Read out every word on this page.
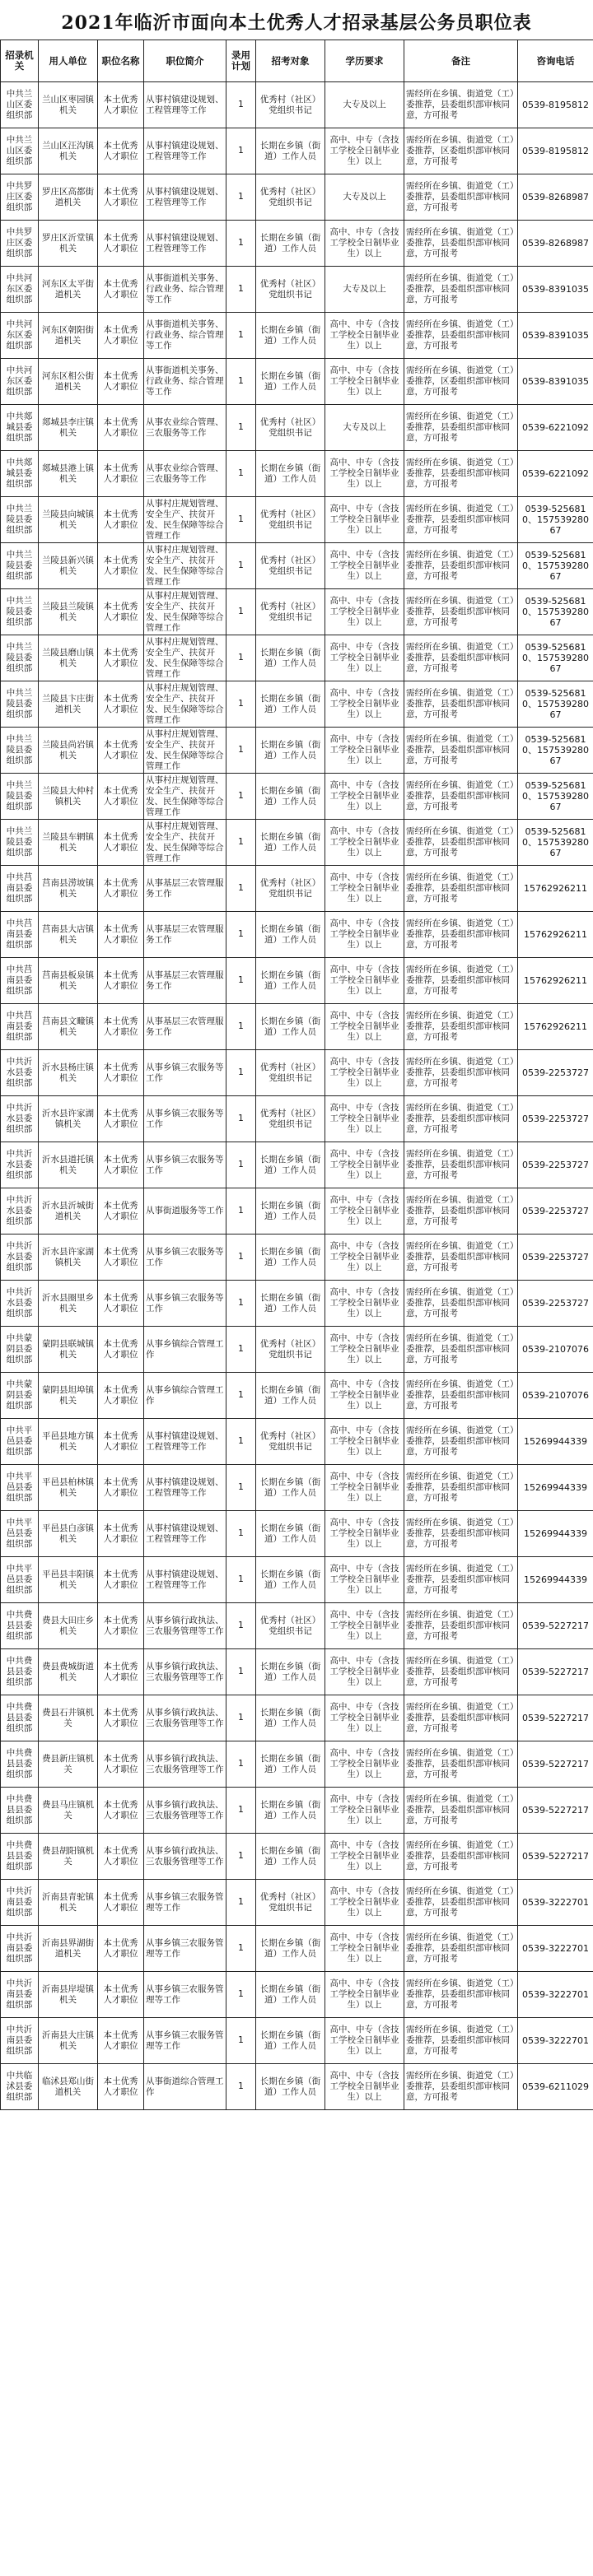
2021年临沂市面向本土优秀人才招录基层公务员职位表
招录机关	用人单位	职位名称	职位简介	录用计划	招考对象	学历要求	备注	咨询电话
中共兰山区委组织部	兰山区枣园镇机关	本土优秀人才职位	从事村镇建设规划、工程管理等工作	1	优秀村（社区）党组织书记	大专及以上	需经所在乡镇、街道党（工）委推荐，县委组织部审核同意，方可报考	0539-8195812
中共兰山区委组织部	兰山区汪沟镇机关	本土优秀人才职位	从事村镇建设规划、工程管理等工作	1	长期在乡镇（街道）工作人员	高中、中专（含技工学校全日制毕业生）以上	需经所在乡镇、街道党（工）委推荐，区委组织部审核同意，方可报考	0539-8195812
中共罗庄区委组织部	罗庄区高都街道机关	本土优秀人才职位	从事村镇建设规划、工程管理等工作	1	优秀村（社区）党组织书记	大专及以上	需经所在乡镇、街道党（工）委推荐，县委组织部审核同意，方可报考	0539-8268987
中共罗庄区委组织部	罗庄区沂堂镇机关	本土优秀人才职位	从事村镇建设规划、工程管理等工作	1	长期在乡镇（街道）工作人员	高中、中专（含技工学校全日制毕业生）以上	需经所在乡镇、街道党（工）委推荐，县委组织部审核同意，方可报考	0539-8268987
中共河东区委组织部	河东区太平街道机关	本土优秀人才职位	从事街道机关事务、行政业务、综合管理等工作	1	优秀村（社区）党组织书记	大专及以上	需经所在乡镇、街道党（工）委推荐，县委组织部审核同意，方可报考	0539-8391035
中共河东区委组织部	河东区朝阳街道机关	本土优秀人才职位	从事街道机关事务、行政业务、综合管理等工作	1	长期在乡镇（街道）工作人员	高中、中专（含技工学校全日制毕业生）以上	需经所在乡镇、街道党（工）委推荐，县委组织部审核同意，方可报考	0539-8391035
中共河东区委组织部	河东区相公街道机关	本土优秀人才职位	从事街道机关事务、行政业务、综合管理等工作	1	长期在乡镇（街道）工作人员	高中、中专（含技工学校全日制毕业生）以上	需经所在乡镇、街道党（工）委推荐，区委组织部审核同意，方可报考	0539-8391035
中共郯城县委组织部	郯城县李庄镇机关	本土优秀人才职位	从事农业综合管理、三农服务等工作	1	优秀村（社区）党组织书记	大专及以上	需经所在乡镇、街道党（工）委推荐，县委组织部审核同意，方可报考	0539-6221092
中共郯城县委组织部	郯城县港上镇机关	本土优秀人才职位	从事农业综合管理、三农服务等工作	1	长期在乡镇（街道）工作人员	高中、中专（含技工学校全日制毕业生）以上	需经所在乡镇、街道党（工）委推荐，县委组织部审核同意，方可报考	0539-6221092
中共兰陵县委组织部	兰陵县向城镇机关	本土优秀人才职位	从事村庄规划管理、安全生产、扶贫开发、民生保障等综合管理工作	1	优秀村（社区）党组织书记	高中、中专（含技工学校全日制毕业生）以上	需经所在乡镇、街道党（工）委推荐，县委组织部审核同意，方可报考	0539-5256810、15753928067
中共兰陵县委组织部	兰陵县新兴镇机关	本土优秀人才职位	从事村庄规划管理、安全生产、扶贫开发、民生保障等综合管理工作	1	优秀村（社区）党组织书记	高中、中专（含技工学校全日制毕业生）以上	需经所在乡镇、街道党（工）委推荐，县委组织部审核同意，方可报考	0539-5256810、15753928067
中共兰陵县委组织部	兰陵县兰陵镇机关	本土优秀人才职位	从事村庄规划管理、安全生产、扶贫开发、民生保障等综合管理工作	1	优秀村（社区）党组织书记	高中、中专（含技工学校全日制毕业生）以上	需经所在乡镇、街道党（工）委推荐，县委组织部审核同意，方可报考	0539-5256810、15753928067
中共兰陵县委组织部	兰陵县磨山镇机关	本土优秀人才职位	从事村庄规划管理、安全生产、扶贫开发、民生保障等综合管理工作	1	长期在乡镇（街道）工作人员	高中、中专（含技工学校全日制毕业生）以上	需经所在乡镇、街道党（工）委推荐，县委组织部审核同意，方可报考	0539-5256810、15753928067
中共兰陵县委组织部	兰陵县卞庄街道机关	本土优秀人才职位	从事村庄规划管理、安全生产、扶贫开发、民生保障等综合管理工作	1	长期在乡镇（街道）工作人员	高中、中专（含技工学校全日制毕业生）以上	需经所在乡镇、街道党（工）委推荐，县委组织部审核同意，方可报考	0539-5256810、15753928067
中共兰陵县委组织部	兰陵县尚岩镇机关	本土优秀人才职位	从事村庄规划管理、安全生产、扶贫开发、民生保障等综合管理工作	1	长期在乡镇（街道）工作人员	高中、中专（含技工学校全日制毕业生）以上	需经所在乡镇、街道党（工）委推荐，县委组织部审核同意，方可报考	0539-5256810、15753928067
中共兰陵县委组织部	兰陵县大仲村镇机关	本土优秀人才职位	从事村庄规划管理、安全生产、扶贫开发、民生保障等综合管理工作	1	长期在乡镇（街道）工作人员	高中、中专（含技工学校全日制毕业生）以上	需经所在乡镇、街道党（工）委推荐，县委组织部审核同意，方可报考	0539-5256810、15753928067
中共兰陵县委组织部	兰陵县车辋镇机关	本土优秀人才职位	从事村庄规划管理、安全生产、扶贫开发、民生保障等综合管理工作	1	长期在乡镇（街道）工作人员	高中、中专（含技工学校全日制毕业生）以上	需经所在乡镇、街道党（工）委推荐，县委组织部审核同意，方可报考	0539-5256810、15753928067
中共莒南县委组织部	莒南县涝坡镇机关	本土优秀人才职位	从事基层三农管理服务工作	1	优秀村（社区）党组织书记	高中、中专（含技工学校全日制毕业生）以上	需经所在乡镇、街道党（工）委推荐，县委组织部审核同意，方可报考	15762926211
中共莒南县委组织部	莒南县大店镇机关	本土优秀人才职位	从事基层三农管理服务工作	1	长期在乡镇（街道）工作人员	高中、中专（含技工学校全日制毕业生）以上	需经所在乡镇、街道党（工）委推荐，县委组织部审核同意，方可报考	15762926211
中共莒南县委组织部	莒南县板泉镇机关	本土优秀人才职位	从事基层三农管理服务工作	1	长期在乡镇（街道）工作人员	高中、中专（含技工学校全日制毕业生）以上	需经所在乡镇、街道党（工）委推荐，县委组织部审核同意，方可报考	15762926211
中共莒南县委组织部	莒南县文疃镇机关	本土优秀人才职位	从事基层三农管理服务工作	1	长期在乡镇（街道）工作人员	高中、中专（含技工学校全日制毕业生）以上	需经所在乡镇、街道党（工）委推荐，县委组织部审核同意，方可报考	15762926211
中共沂水县委组织部	沂水县杨庄镇机关	本土优秀人才职位	从事乡镇三农服务等工作	1	优秀村（社区）党组织书记	高中、中专（含技工学校全日制毕业生）以上	需经所在乡镇、街道党（工）委推荐，县委组织部审核同意，方可报考	0539-2253727
中共沂水县委组织部	沂水县许家湖镇机关	本土优秀人才职位	从事乡镇三农服务等工作	1	优秀村（社区）党组织书记	高中、中专（含技工学校全日制毕业生）以上	需经所在乡镇、街道党（工）委推荐，县委组织部审核同意，方可报考	0539-2253727
中共沂水县委组织部	沂水县道托镇机关	本土优秀人才职位	从事乡镇三农服务等工作	1	长期在乡镇（街道）工作人员	高中、中专（含技工学校全日制毕业生）以上	需经所在乡镇、街道党（工）委推荐，县委组织部审核同意，方可报考	0539-2253727
中共沂水县委组织部	沂水县沂城街道机关	本土优秀人才职位	从事街道服务等工作	1	长期在乡镇（街道）工作人员	高中、中专（含技工学校全日制毕业生）以上	需经所在乡镇、街道党（工）委推荐，县委组织部审核同意，方可报考	0539-2253727
中共沂水县委组织部	沂水县许家湖镇机关	本土优秀人才职位	从事乡镇三农服务等工作	1	长期在乡镇（街道）工作人员	高中、中专（含技工学校全日制毕业生）以上	需经所在乡镇、街道党（工）委推荐，县委组织部审核同意，方可报考	0539-2253727
中共沂水县委组织部	沂水县圈里乡机关	本土优秀人才职位	从事乡镇三农服务等工作	1	长期在乡镇（街道）工作人员	高中、中专（含技工学校全日制毕业生）以上	需经所在乡镇、街道党（工）委推荐，县委组织部审核同意，方可报考	0539-2253727
中共蒙阴县委组织部	蒙阴县联城镇机关	本土优秀人才职位	从事乡镇综合管理工作	1	优秀村（社区）党组织书记	高中、中专（含技工学校全日制毕业生）以上	需经所在乡镇、街道党（工）委推荐，县委组织部审核同意，方可报考	0539-2107076
中共蒙阴县委组织部	蒙阴县坦埠镇机关	本土优秀人才职位	从事乡镇综合管理工作	1	长期在乡镇（街道）工作人员	高中、中专（含技工学校全日制毕业生）以上	需经所在乡镇、街道党（工）委推荐，县委组织部审核同意，方可报考	0539-2107076
中共平邑县委组织部	平邑县地方镇机关	本土优秀人才职位	从事村镇建设规划、工程管理等工作	1	优秀村（社区）党组织书记	高中、中专（含技工学校全日制毕业生）以上	需经所在乡镇、街道党（工）委推荐，县委组织部审核同意，方可报考	15269944339
中共平邑县委组织部	平邑县柏林镇机关	本土优秀人才职位	从事村镇建设规划、工程管理等工作	1	长期在乡镇（街道）工作人员	高中、中专（含技工学校全日制毕业生）以上	需经所在乡镇、街道党（工）委推荐，县委组织部审核同意，方可报考	15269944339
中共平邑县委组织部	平邑县白彦镇机关	本土优秀人才职位	从事村镇建设规划、工程管理等工作	1	长期在乡镇（街道）工作人员	高中、中专（含技工学校全日制毕业生）以上	需经所在乡镇、街道党（工）委推荐，县委组织部审核同意，方可报考	15269944339
中共平邑县委组织部	平邑县丰阳镇机关	本土优秀人才职位	从事村镇建设规划、工程管理等工作	1	长期在乡镇（街道）工作人员	高中、中专（含技工学校全日制毕业生）以上	需经所在乡镇、街道党（工）委推荐，县委组织部审核同意，方可报考	15269944339
中共费县县委组织部	费县大田庄乡机关	本土优秀人才职位	从事乡镇行政执法、三农服务管理等工作	1	优秀村（社区）党组织书记	高中、中专（含技工学校全日制毕业生）以上	需经所在乡镇、街道党（工）委推荐，县委组织部审核同意，方可报考	0539-5227217
中共费县县委组织部	费县费城街道机关	本土优秀人才职位	从事乡镇行政执法、三农服务管理等工作	1	长期在乡镇（街道）工作人员	高中、中专（含技工学校全日制毕业生）以上	需经所在乡镇、街道党（工）委推荐，县委组织部审核同意，方可报考	0539-5227217
中共费县县委组织部	费县石井镇机关	本土优秀人才职位	从事乡镇行政执法、三农服务管理等工作	1	长期在乡镇（街道）工作人员	高中、中专（含技工学校全日制毕业生）以上	需经所在乡镇、街道党（工）委推荐，县委组织部审核同意，方可报考	0539-5227217
中共费县县委组织部	费县新庄镇机关	本土优秀人才职位	从事乡镇行政执法、三农服务管理等工作	1	长期在乡镇（街道）工作人员	高中、中专（含技工学校全日制毕业生）以上	需经所在乡镇、街道党（工）委推荐，县委组织部审核同意，方可报考	0539-5227217
中共费县县委组织部	费县马庄镇机关	本土优秀人才职位	从事乡镇行政执法、三农服务管理等工作	1	长期在乡镇（街道）工作人员	高中、中专（含技工学校全日制毕业生）以上	需经所在乡镇、街道党（工）委推荐，县委组织部审核同意，方可报考	0539-5227217
中共费县县委组织部	费县胡阳镇机关	本土优秀人才职位	从事乡镇行政执法、三农服务管理等工作	1	长期在乡镇（街道）工作人员	高中、中专（含技工学校全日制毕业生）以上	需经所在乡镇、街道党（工）委推荐，县委组织部审核同意，方可报考	0539-5227217
中共沂南县委组织部	沂南县青驼镇机关	本土优秀人才职位	从事乡镇三农服务管理等工作	1	优秀村（社区）党组织书记	高中、中专（含技工学校全日制毕业生）以上	需经所在乡镇、街道党（工）委推荐，县委组织部审核同意，方可报考	0539-3222701
中共沂南县委组织部	沂南县界湖街道机关	本土优秀人才职位	从事乡镇三农服务管理等工作	1	长期在乡镇（街道）工作人员	高中、中专（含技工学校全日制毕业生）以上	需经所在乡镇、街道党（工）委推荐，县委组织部审核同意，方可报考	0539-3222701
中共沂南县委组织部	沂南县岸堤镇机关	本土优秀人才职位	从事乡镇三农服务管理等工作	1	长期在乡镇（街道）工作人员	高中、中专（含技工学校全日制毕业生）以上	需经所在乡镇、街道党（工）委推荐，县委组织部审核同意，方可报考	0539-3222701
中共沂南县委组织部	沂南县大庄镇机关	本土优秀人才职位	从事乡镇三农服务管理等工作	1	长期在乡镇（街道）工作人员	高中、中专（含技工学校全日制毕业生）以上	需经所在乡镇、街道党（工）委推荐，县委组织部审核同意，方可报考	0539-3222701
中共临沭县委组织部	临沭县郑山街道机关	本土优秀人才职位	从事街道综合管理工作	1	长期在乡镇（街道）工作人员	高中、中专（含技工学校全日制毕业生）以上	需经所在乡镇、街道党（工）委推荐，县委组织部审核同意，方可报考	0539-6211029
